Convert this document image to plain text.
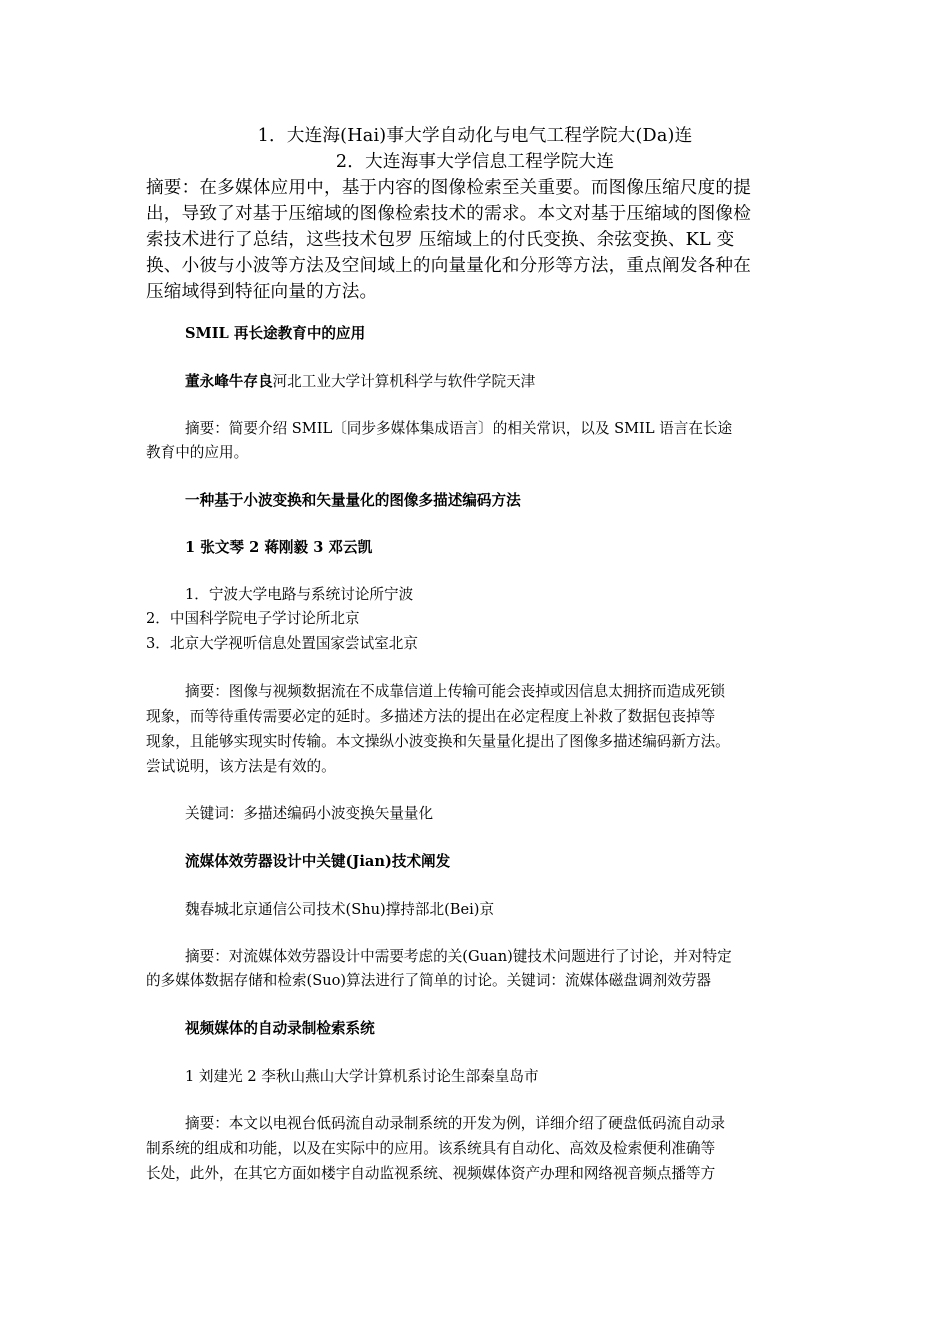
1．大连海(Hai)事大学自动化与电气工程学院大(Da)连
2．大连海事大学信息工程学院大连
摘要：在多媒体应用中，基于内容的图像检索至关重要。而图像压缩尺度的提
出，导致了对基于压缩域的图像检索技术的需求。本文对基于压缩域的图像检
索技术进行了总结，这些技术包罗 压缩域上的付氏变换、余弦变换、KL 变
换、小彼与小波等方法及空间域上的向量量化和分形等方法，重点阐发各种在
压缩域得到特征向量的方法。
SMIL 再长途教育中的应用
董永峰牛存良河北工业大学计算机科学与软件学院天津
摘要：简要介绍 SMIL〔同步多媒体集成语言〕的相关常识，以及 SMIL 语言在长途
教育中的应用。
一种基于小波变换和矢量量化的图像多描述编码方法
1 张文琴 2 蒋刚毅 3 邓云凯
1．宁波大学电路与系统讨论所宁波
2．中国科学院电子学讨论所北京
3．北京大学视听信息处置国家尝试室北京
摘要：图像与视频数据流在不成靠信道上传输可能会丧掉或因信息太拥挤而造成死锁
现象，而等待重传需要必定的延时。多描述方法的提出在必定程度上补救了数据包丧掉等
现象，且能够实现实时传输。本文操纵小波变换和矢量量化提出了图像多描述编码新方法。
尝试说明，该方法是有效的。
关键词：多描述编码小波变换矢量量化
流媒体效劳器设计中关键(Jian)技术阐发
魏春城北京通信公司技术(Shu)撑持部北(Bei)京
摘要：对流媒体效劳器设计中需要考虑的关(Guan)键技术问题进行了讨论，并对特定
的多媒体数据存储和检索(Suo)算法进行了简单的讨论。关键词：流媒体磁盘调剂效劳器
视频媒体的自动录制检索系统
1 刘建光 2 李秋山燕山大学计算机系讨论生部秦皇岛市
摘要：本文以电视台低码流自动录制系统的开发为例，详细介绍了硬盘低码流自动录
制系统的组成和功能，以及在实际中的应用。该系统具有自动化、高效及检索便利准确等
长处，此外，在其它方面如楼宇自动监视系统、视频媒体资产办理和网络视音频点播等方
